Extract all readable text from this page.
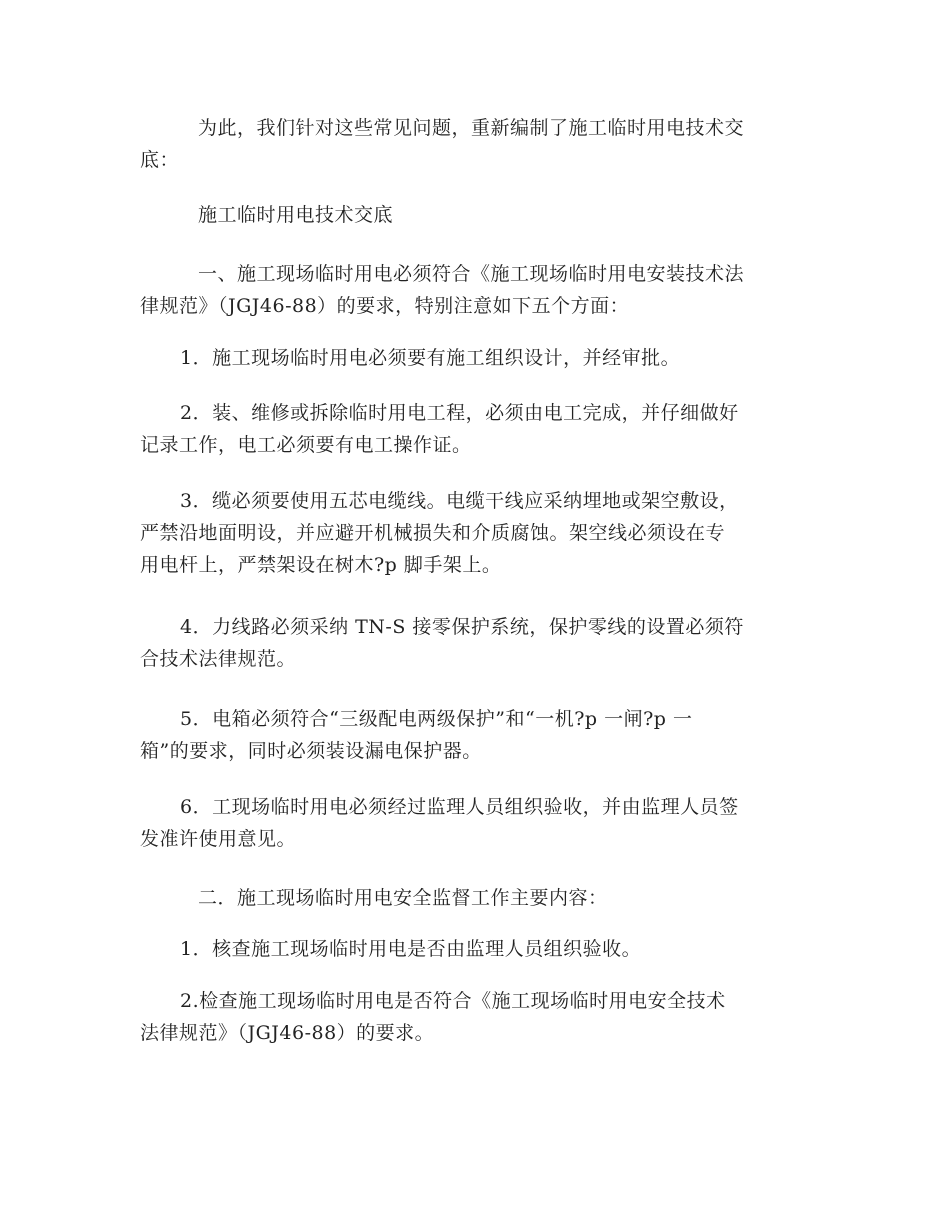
为此，我们针对这些常见问题，重新编制了施工临时用电技术交
底：

施工临时用电技术交底

一、施工现场临时用电必须符合《施工现场临时用电安装技术法
律规范》（JGJ46-88）的要求，特别注意如下五个方面：

1．施工现场临时用电必须要有施工组织设计，并经审批。

2．装、维修或拆除临时用电工程，必须由电工完成，并仔细做好
记录工作，电工必须要有电工操作证。

3．缆必须要使用五芯电缆线。电缆干线应采纳埋地或架空敷设，
严禁沿地面明设，并应避开机械损失和介质腐蚀。架空线必须设在专
用电杆上，严禁架设在树木?p 脚手架上。

4．力线路必须采纳 TN-S 接零保护系统，保护零线的设置必须符
合技术法律规范。

5．电箱必须符合“三级配电两级保护”和“一机?p 一闸?p 一
箱”的要求，同时必须装设漏电保护器。

6．工现场临时用电必须经过监理人员组织验收，并由监理人员签
发准许使用意见。

二．施工现场临时用电安全监督工作主要内容：

1．核查施工现场临时用电是否由监理人员组织验收。

2.检查施工现场临时用电是否符合《施工现场临时用电安全技术
法律规范》（JGJ46-88）的要求。
